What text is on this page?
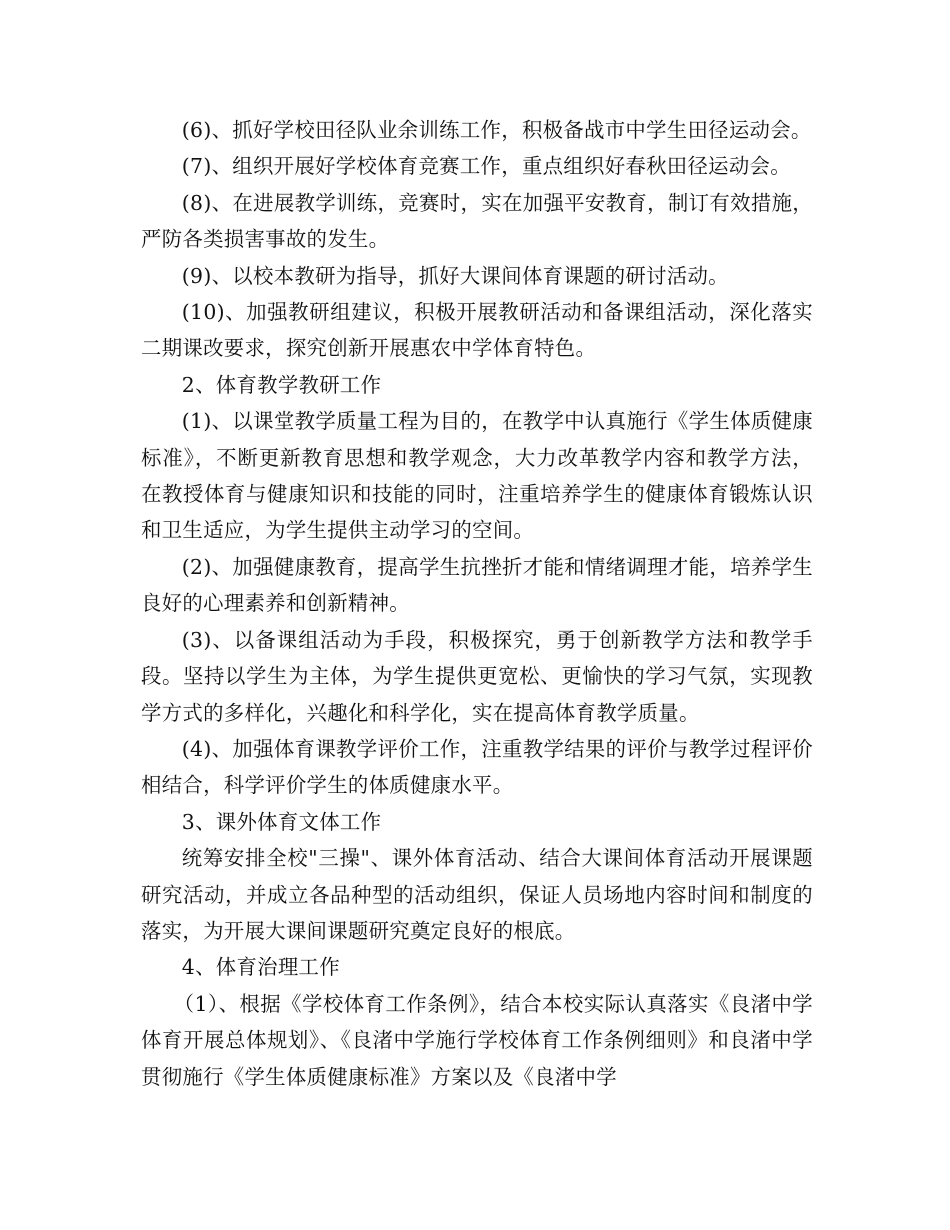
(6)、抓好学校田径队业余训练工作，积极备战市中学生田径运动会。

(7)、组织开展好学校体育竞赛工作，重点组织好春秋田径运动会。

(8)、在进展教学训练，竞赛时，实在加强平安教育，制订有效措施，严防各类损害事故的发生。

(9)、以校本教研为指导，抓好大课间体育课题的研讨活动。

(10)、加强教研组建议，积极开展教研活动和备课组活动，深化落实二期课改要求，探究创新开展惠农中学体育特色。

2、体育教学教研工作

(1)、以课堂教学质量工程为目的，在教学中认真施行《学生体质健康标准》，不断更新教育思想和教学观念，大力改革教学内容和教学方法，在教授体育与健康知识和技能的同时，注重培养学生的健康体育锻炼认识和卫生适应，为学生提供主动学习的空间。

(2)、加强健康教育，提高学生抗挫折才能和情绪调理才能，培养学生良好的心理素养和创新精神。

(3)、以备课组活动为手段，积极探究，勇于创新教学方法和教学手段。坚持以学生为主体，为学生提供更宽松、更愉快的学习气氛，实现教学方式的多样化，兴趣化和科学化，实在提高体育教学质量。

(4)、加强体育课教学评价工作，注重教学结果的评价与教学过程评价相结合，科学评价学生的体质健康水平。

3、课外体育文体工作

统筹安排全校"三操"、课外体育活动、结合大课间体育活动开展课题研究活动，并成立各品种型的活动组织，保证人员场地内容时间和制度的落实，为开展大课间课题研究奠定良好的根底。

4、体育治理工作

（1）、根据《学校体育工作条例》，结合本校实际认真落实《良渚中学体育开展总体规划》、《良渚中学施行学校体育工作条例细则》和良渚中学贯彻施行《学生体质健康标准》方案以及《良渚中学
